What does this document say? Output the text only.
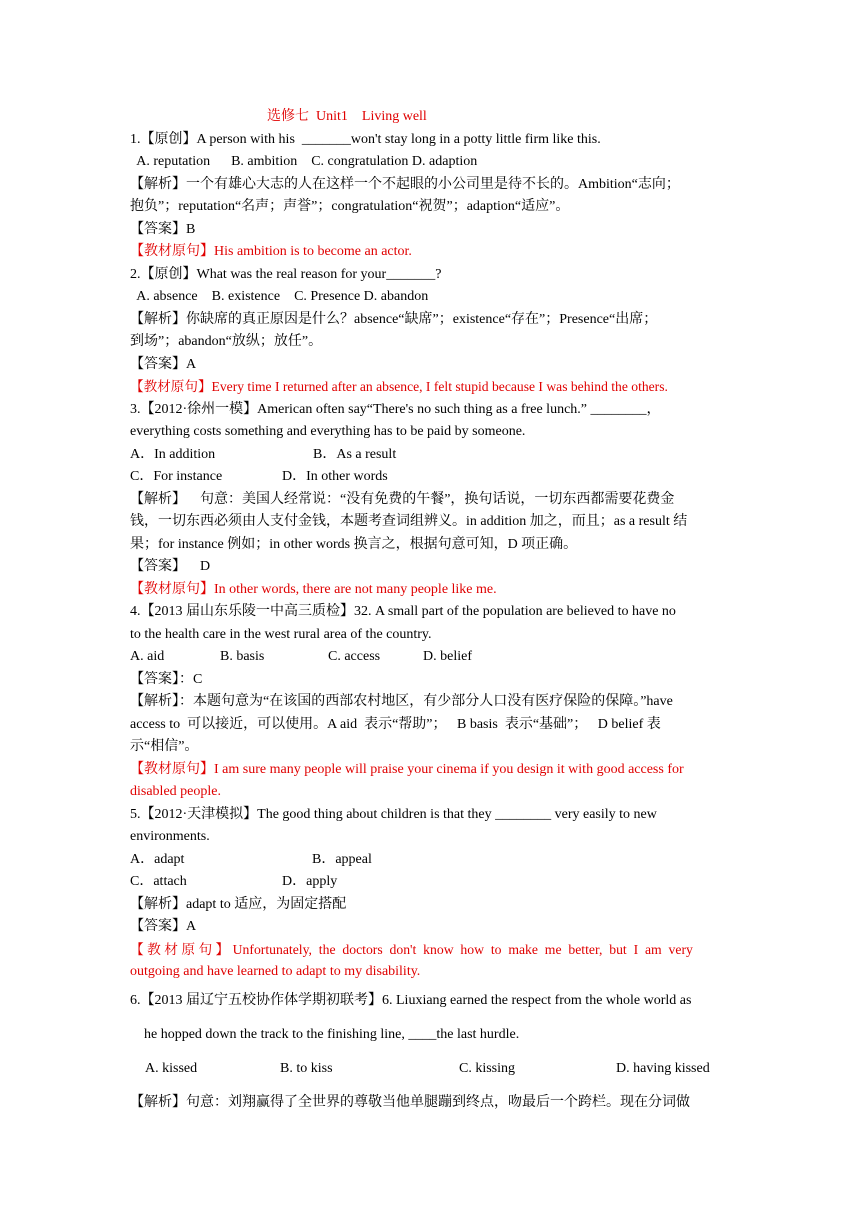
选修七  Unit1    Living well
1.【原创】A person with his  _______won't stay long in a potty little firm like this.
A. reputation      B. ambition    C. congratulation D. adaption
【解析】一个有雄心大志的人在这样一个不起眼的小公司里是待不长的。Ambition“志向；
抱负”；reputation“名声；声誉”；congratulation“祝贺”；adaption“适应”。
【答案】B
【教材原句】His ambition is to become an actor.
2.【原创】What was the real reason for your_______?
A. absence    B. existence    C. Presence D. abandon
【解析】你缺席的真正原因是什么？absence“缺席”；existence“存在”；Presence“出席；
到场”；abandon“放纵；放任”。
【答案】A
【教材原句】Every time I returned after an absence, I felt stupid because I was behind the others.
3.【2012·徐州一模】American often say“There's no such thing as a free lunch.” ________，
everything costs something and everything has to be paid by someone.
A．In addition	B．As a result
C．For instance	D．In other words
【解析】    句意：美国人经常说：“没有免费的午餐”，换句话说，一切东西都需要花费金
钱，一切东西必须由人支付金钱，本题考查词组辨义。in addition 加之，而且；as a result 结
果；for instance 例如；in other words 换言之，根据句意可知，D 项正确。
【答案】    D
【教材原句】In other words, there are not many people like me.
4.【2013 届山东乐陵一中高三质检】32. A small part of the population are believed to have no
to the health care in the west rural area of the country.
A. aid	B. basis	C. access	D. belief
【答案】：C
【解析】：本题句意为“在该国的西部农村地区，有少部分人口没有医疗保险的保障。”have
access to  可以接近，可以使用。A aid  表示“帮助”；   B basis  表示“基础”；   D belief 表
示“相信”。
【教材原句】I am sure many people will praise your cinema if you design it with good access for
disabled people.
5.【2012·天津模拟】The good thing about children is that they ________ very easily to new
environments.
A．adapt	B．appeal
C．attach	D．apply
【解析】adapt to 适应，为固定搭配
【答案】A
【 教 材 原 句 】 Unfortunately,  the  doctors  don't  know  how  to  make  me  better,  but  I  am  very
outgoing and have learned to adapt to my disability.
6.【2013 届辽宁五校协作体学期初联考】6. Liuxiang earned the respect from the whole world as
he hopped down the track to the finishing line, ____the last hurdle.
A. kissed	B. to kiss	C. kissing	D. having kissed
【解析】句意：刘翔赢得了全世界的尊敬当他单腿蹦到终点，吻最后一个跨栏。现在分词做
